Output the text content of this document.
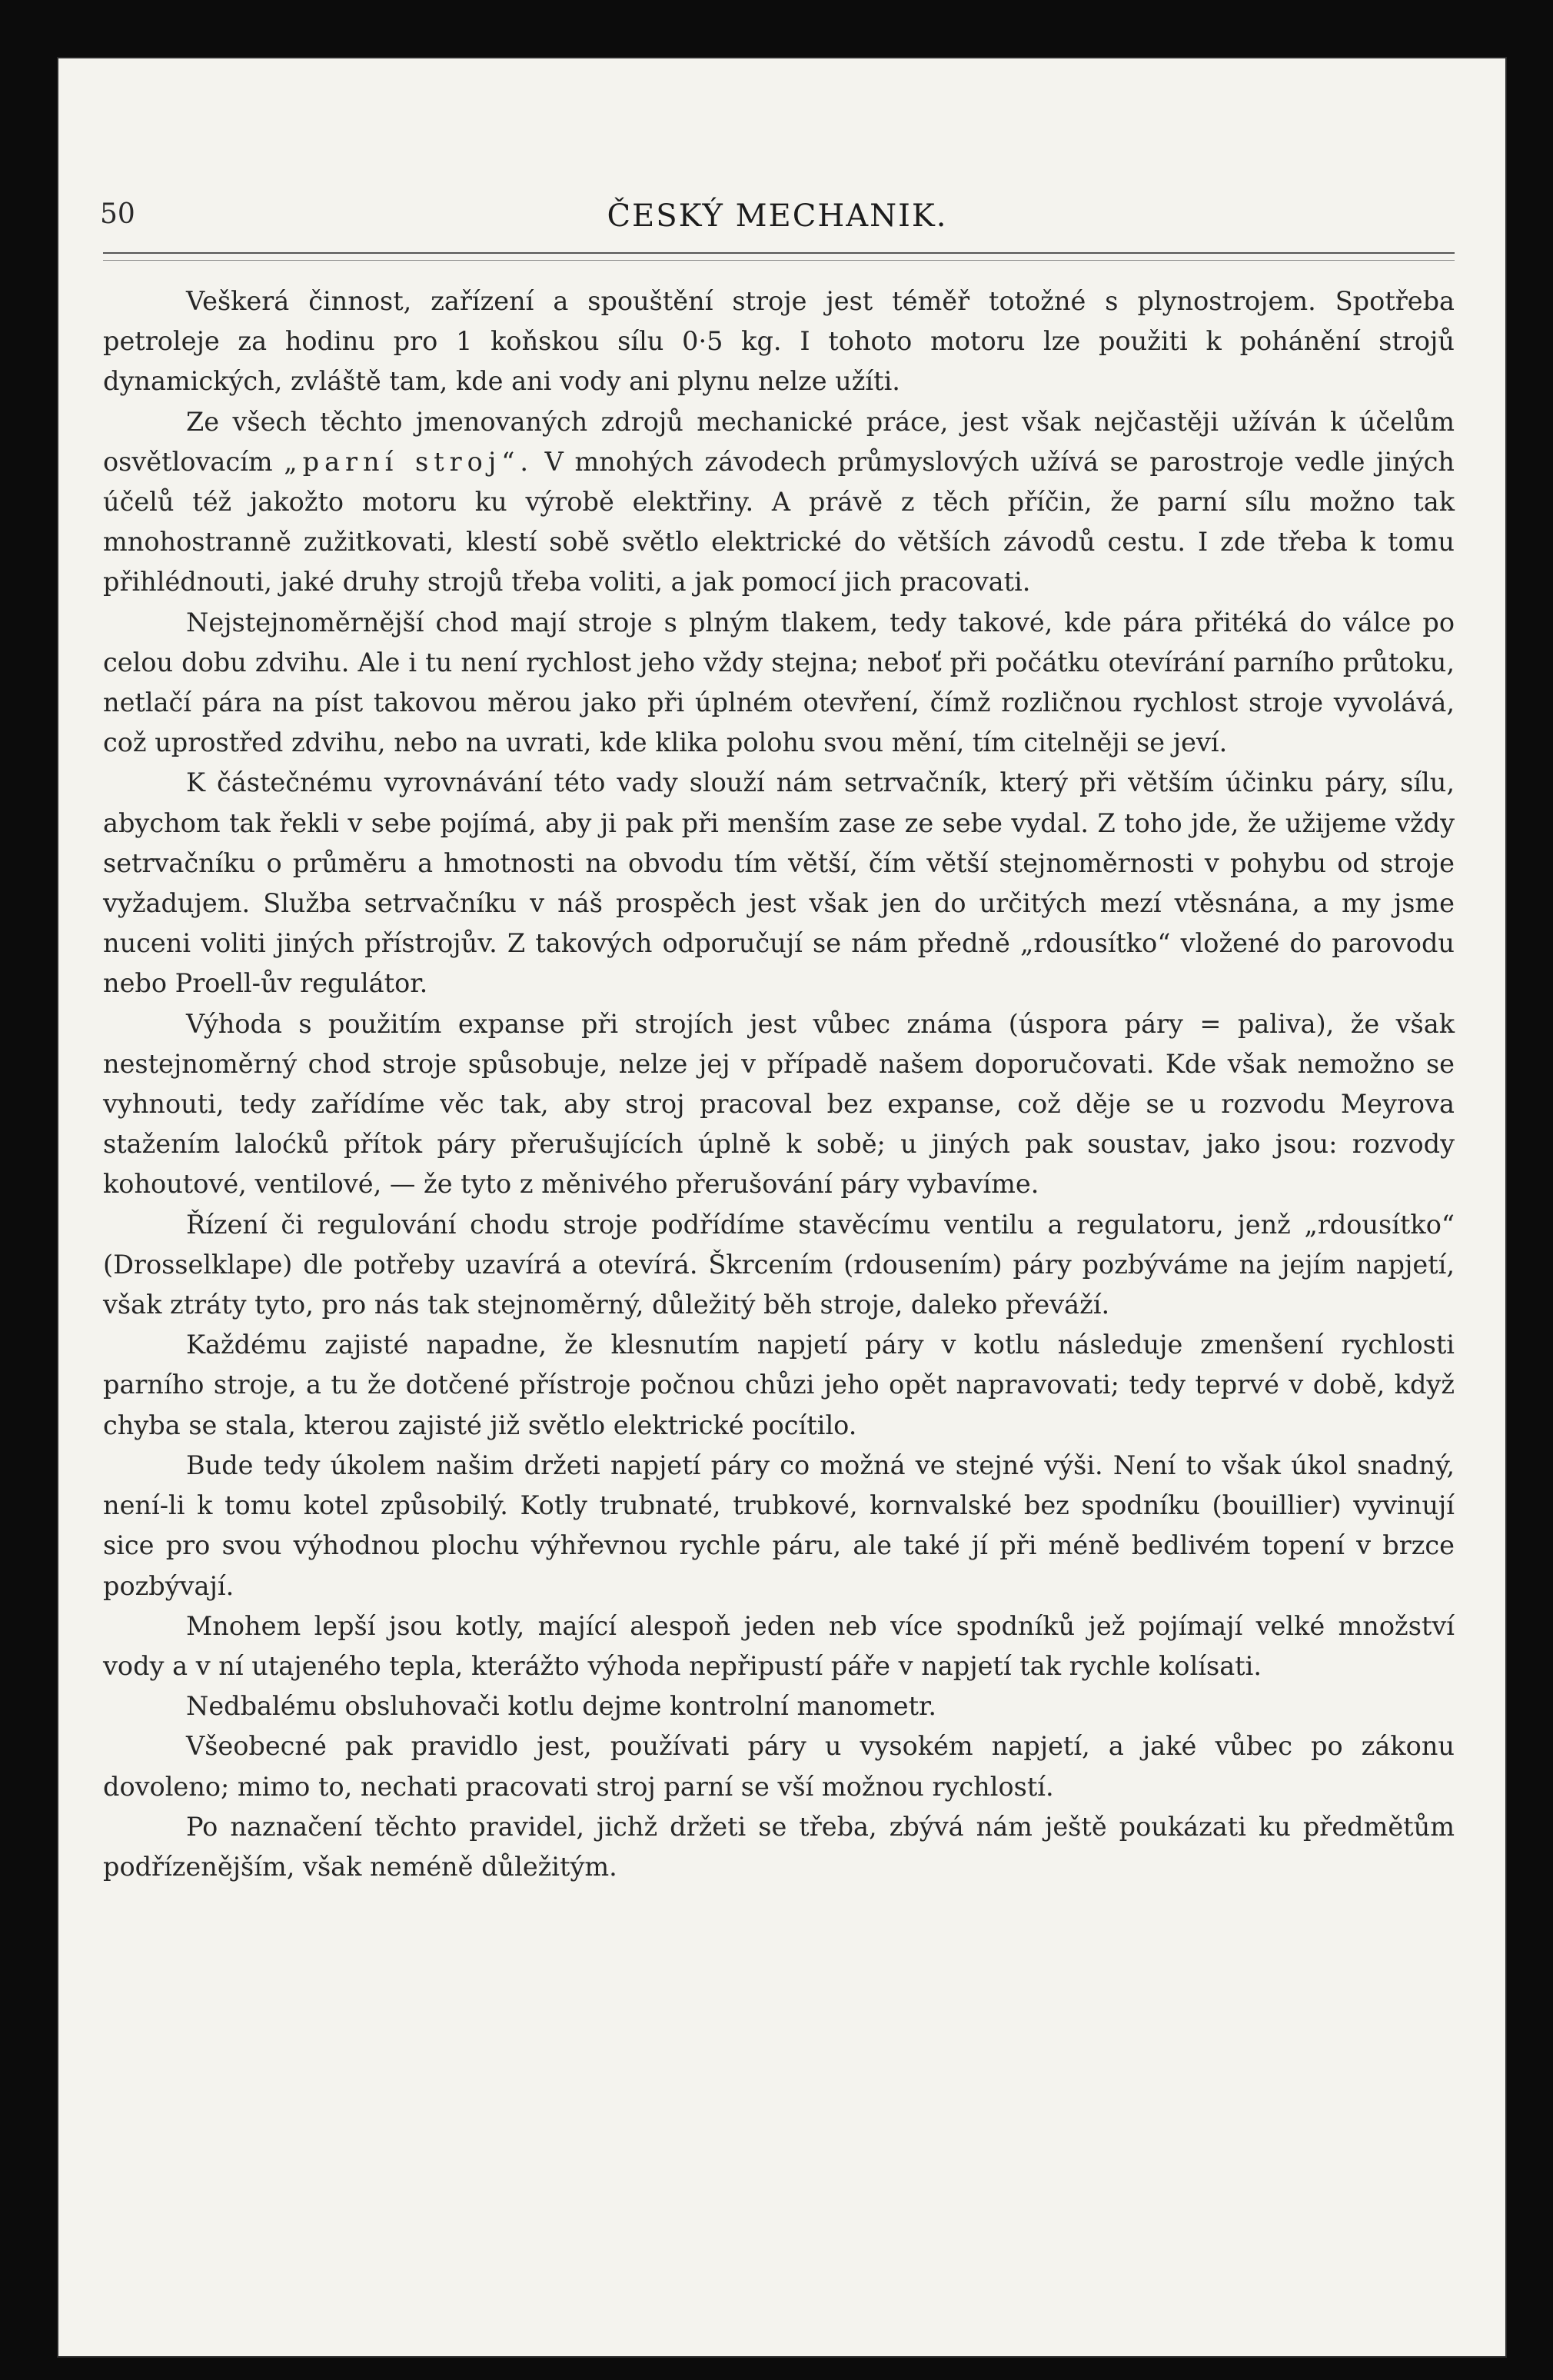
50	ČESKÝ MECHANIK.

Veškerá činnost, zařízení a spouštění stroje jest téměř totožné s plynostrojem. Spotřeba petroleje za hodinu pro 1 koňskou sílu 0·5 kg. I tohoto motoru lze použiti k pohánění strojů dynamických, zvláště tam, kde ani vody ani plynu nelze užíti.

Ze všech těchto jmenovaných zdrojů mechanické práce, jest však nejčastěji užíván k účelům osvětlovacím „parní stroj“. V mnohých závodech průmyslových užívá se parostroje vedle jiných účelů též jakožto motoru ku výrobě elektřiny. A právě z těch příčin, že parní sílu možno tak mnohostranně zužitkovati, klestí sobě světlo elektrické do větších závodů cestu. I zde třeba k tomu přihlédnouti, jaké druhy strojů třeba voliti, a jak pomocí jich pracovati.

Nejstejnoměrnější chod mají stroje s plným tlakem, tedy takové, kde pára přitéká do válce po celou dobu zdvihu. Ale i tu není rychlost jeho vždy stejna; neboť při počátku otevírání parního průtoku, netlačí pára na píst takovou měrou jako při úplném otevření, čímž rozličnou rychlost stroje vyvolává, což uprostřed zdvihu, nebo na uvrati, kde klika polohu svou mění, tím citelněji se jeví.

K částečnému vyrovnávání této vady slouží nám setrvačník, který při větším účinku páry, sílu, abychom tak řekli v sebe pojímá, aby ji pak při menším zase ze sebe vydal. Z toho jde, že užijeme vždy setrvačníku o průměru a hmotnosti na obvodu tím větší, čím větší stejnoměrnosti v pohybu od stroje vyžadujem. Služba setrvačníku v náš prospěch jest však jen do určitých mezí vtěsnána, a my jsme nuceni voliti jiných přístrojův. Z takových odporučují se nám předně „rdousítko“ vložené do parovodu nebo Proell-ův regulátor.

Výhoda s použitím expanse při strojích jest vůbec známa (úspora páry = paliva), že však nestejnoměrný chod stroje spůsobuje, nelze jej v případě našem doporučovati. Kde však nemožno se vyhnouti, tedy zařídíme věc tak, aby stroj pracoval bez expanse, což děje se u rozvodu Meyrova stažením laloćků přítok páry přerušujících úplně k sobě; u jiných pak soustav, jako jsou: rozvody kohoutové, ventilové, — že tyto z měnivého přerušování páry vybavíme.

Řízení či regulování chodu stroje podřídíme stavěcímu ventilu a regulatoru, jenž „rdousítko“ (Drosselklape) dle potřeby uzavírá a otevírá. Škrcením (rdousením) páry pozbýváme na jejím napjetí, však ztráty tyto, pro nás tak stejnoměrný, důležitý běh stroje, daleko převáží.

Každému zajisté napadne, že klesnutím napjetí páry v kotlu následuje zmenšení rychlosti parního stroje, a tu že dotčené přístroje počnou chůzi jeho opět napravovati; tedy teprvé v době, když chyba se stala, kterou zajisté již světlo elektrické pocítilo.

Bude tedy úkolem našim držeti napjetí páry co možná ve stejné výši. Není to však úkol snadný, není-li k tomu kotel způsobilý. Kotly trubnaté, trubkové, kornvalské bez spodníku (bouillier) vyvinují sice pro svou výhodnou plochu výhřevnou rychle páru, ale také jí při méně bedlivém topení v brzce pozbývají.

Mnohem lepší jsou kotly, mající alespoň jeden neb více spodníků jež pojímají velké množství vody a v ní utajeného tepla, kterážto výhoda nepřipustí páře v napjetí tak rychle kolísati.

Nedbalému obsluhovači kotlu dejme kontrolní manometr.

Všeobecné pak pravidlo jest, používati páry u vysokém napjetí, a jaké vůbec po zákonu dovoleno; mimo to, nechati pracovati stroj parní se vší možnou rychlostí.

Po naznačení těchto pravidel, jichž držeti se třeba, zbývá nám ještě poukázati ku předmětům podřízenějším, však neméně důležitým.
